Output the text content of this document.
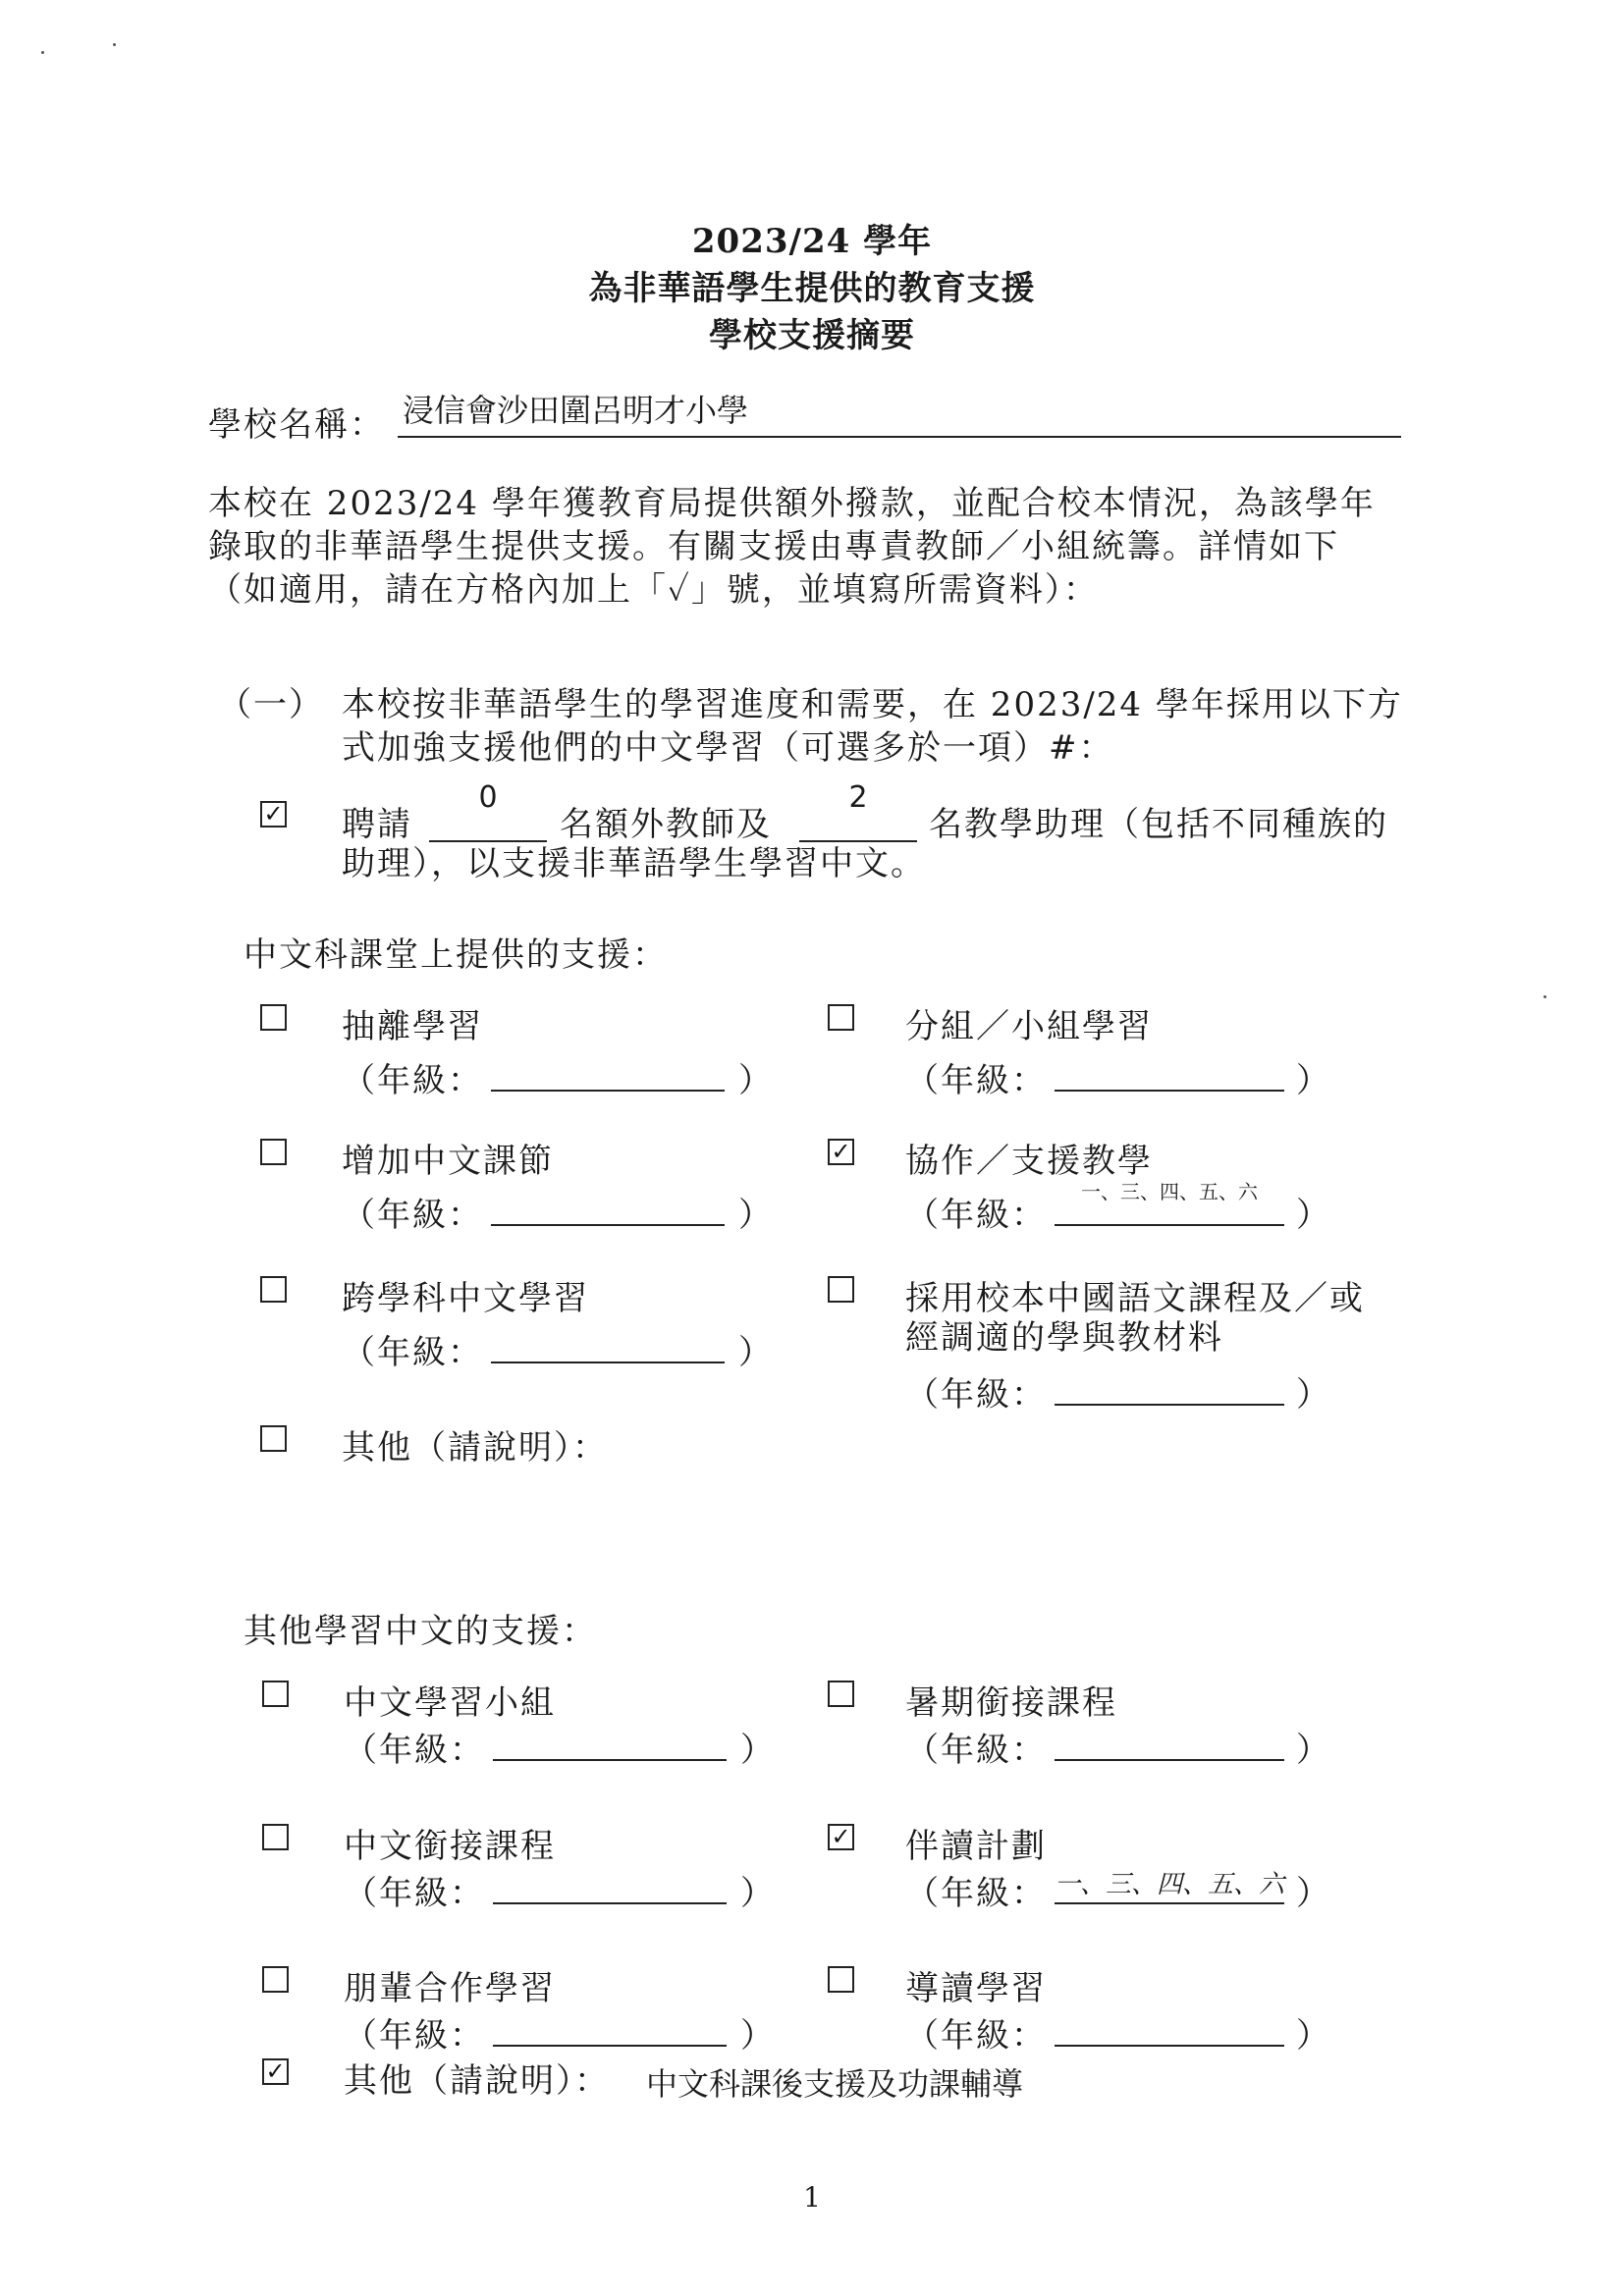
2023/24 學年
為非華語學生提供的教育支援
學校支援摘要
學校名稱： 浸信會沙田圍呂明才小學
本校在 2023/24 學年獲教育局提供額外撥款，並配合校本情況，為該學年
錄取的非華語學生提供支援。有關支援由專責教師／小組統籌。詳情如下
（如適用，請在方格內加上「✓」號，並填寫所需資料）：
（一） 本校按非華語學生的學習進度和需要，在 2023/24 學年採用以下方
式加強支援他們的中文學習（可選多於一項）#：
✓ 聘請
0
名額外教師及
2
名教學助理（包括不同種族的
助理），以支援非華語學生學習中文。
中文科課堂上提供的支援：
抽離學習
（年級：	）
分組／小組學習
（年級：	）
增加中文課節
（年級：	）
✓ 協作／支援教學
（年級：
一、三、四、五、六
）
跨學科中文學習
（年級：	）
採用校本中國語文課程及／或
經調適的學與教材料
（年級：	）
其他（請說明）：
其他學習中文的支援：
中文學習小組
（年級：	）
暑期銜接課程
（年級：	）
中文銜接課程
（年級：	）
✓ 伴讀計劃
（年級： 一、三、四、五、六 ）
朋輩合作學習
（年級：	）
導讀學習
（年級：	）
✓ 其他（請說明）： 中文科課後支援及功課輔導
1
